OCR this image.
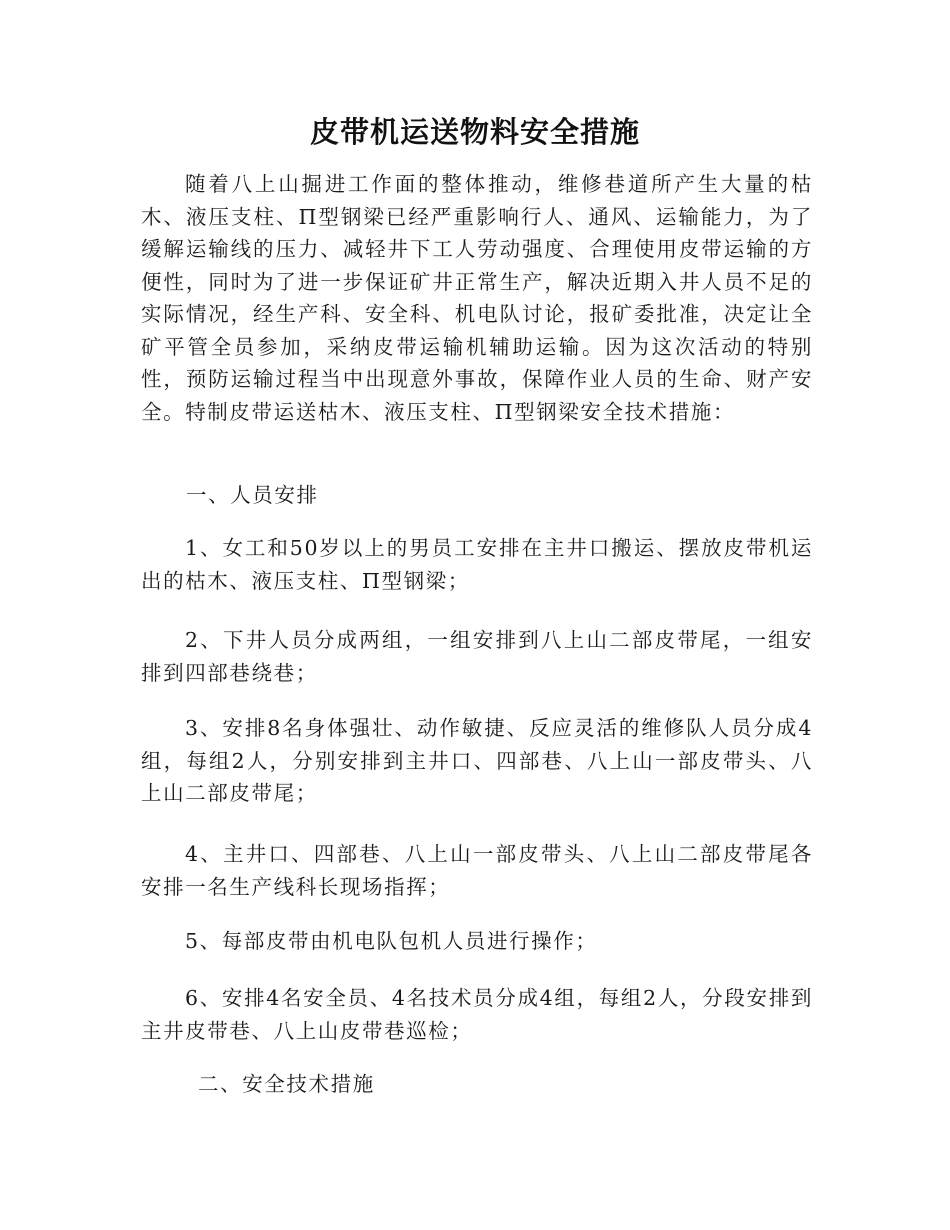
皮带机运送物料安全措施

随着八上山掘进工作面的整体推动，维修巷道所产生大量的枯木、液压支柱、Π型钢梁已经严重影响行人、通风、运输能力，为了缓解运输线的压力、减轻井下工人劳动强度、合理使用皮带运输的方便性，同时为了进一步保证矿井正常生产，解决近期入井人员不足的实际情况，经生产科、安全科、机电队讨论，报矿委批准，决定让全矿平管全员参加，采纳皮带运输机辅助运输。因为这次活动的特别性，预防运输过程当中出现意外事故，保障作业人员的生命、财产安全。特制皮带运送枯木、液压支柱、Π型钢梁安全技术措施：

一、人员安排

1、女工和50岁以上的男员工安排在主井口搬运、摆放皮带机运出的枯木、液压支柱、Π型钢梁；

2、下井人员分成两组，一组安排到八上山二部皮带尾，一组安排到四部巷绕巷；

3、安排8名身体强壮、动作敏捷、反应灵活的维修队人员分成4组，每组2人，分别安排到主井口、四部巷、八上山一部皮带头、八上山二部皮带尾；

4、主井口、四部巷、八上山一部皮带头、八上山二部皮带尾各安排一名生产线科长现场指挥；

5、每部皮带由机电队包机人员进行操作；

6、安排4名安全员、4名技术员分成4组，每组2人，分段安排到主井皮带巷、八上山皮带巷巡检；

二、安全技术措施
